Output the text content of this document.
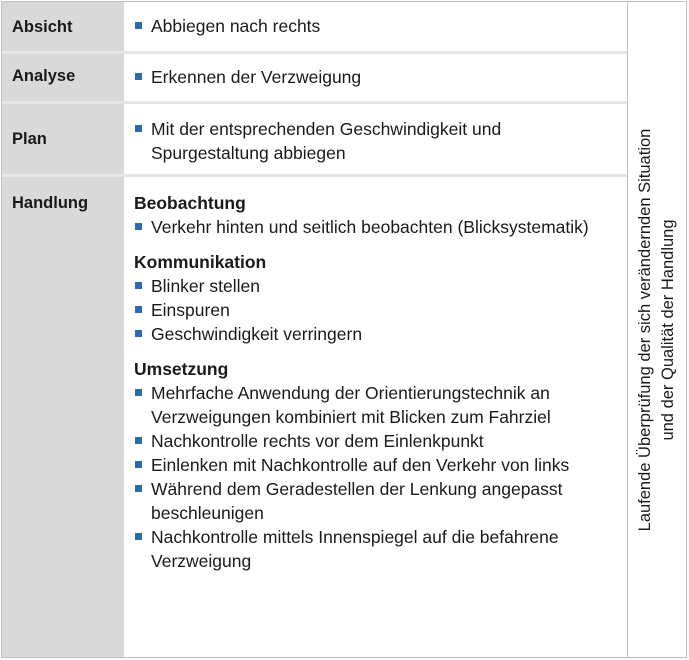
Absicht	Abbiegen nach rechts
Analyse	Erkennen der Verzweigung
Plan	Mit der entsprechenden Geschwindigkeit und Spurgestaltung abbiegen
Handlung	Beobachtung
Verkehr hinten und seitlich beobachten (Blicksystematik)
Kommunikation
Blinker stellen
Einspuren
Geschwindigkeit verringern
Umsetzung
Mehrfache Anwendung der Orientierungstechnik an Verzweigungen kombiniert mit Blicken zum Fahrziel
Nachkontrolle rechts vor dem Einlenkpunkt
Einlenken mit Nachkontrolle auf den Verkehr von links
Während dem Geradestellen der Lenkung angepasst beschleunigen
Nachkontrolle mittels Innenspiegel auf die befahrene Verzweigung
Laufende Überprüfung der sich verändernden Situation und der Qualität der Handlung
